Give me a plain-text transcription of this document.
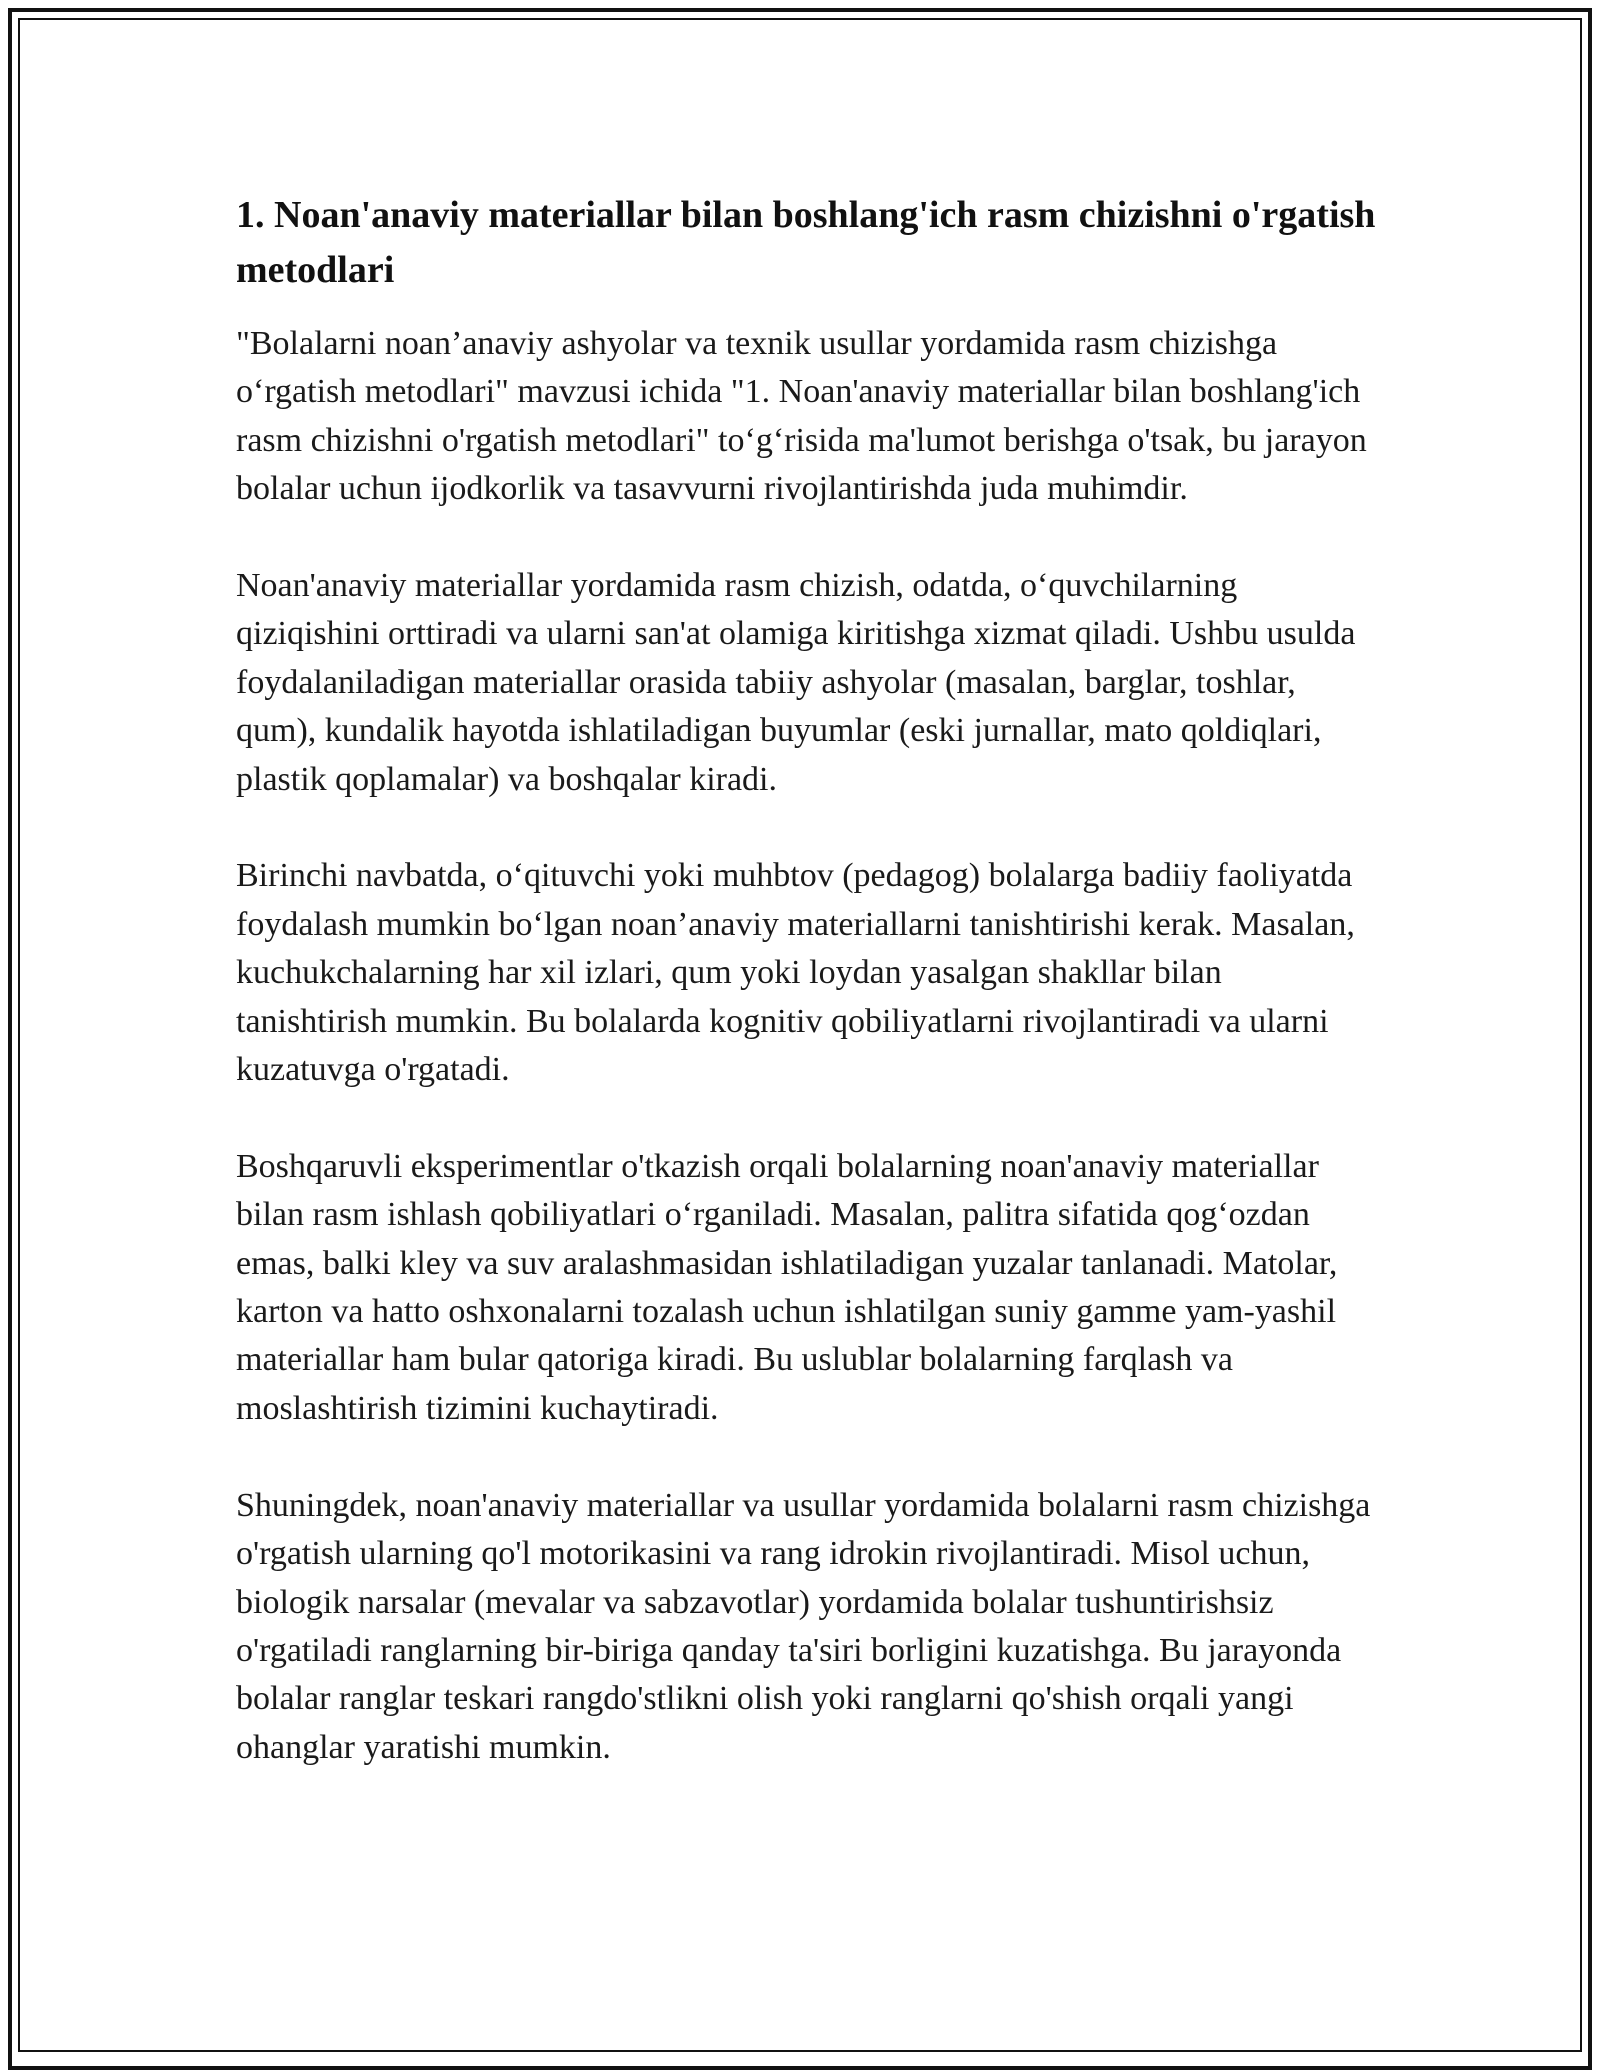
1. Noan'anaviy materiallar bilan boshlang'ich rasm chizishni o'rgatish metodlari

"Bolalarni noan’anaviy ashyolar va texnik usullar yordamida rasm chizishga o‘rgatish metodlari" mavzusi ichida "1. Noan'anaviy materiallar bilan boshlang'ich rasm chizishni o'rgatish metodlari" to‘g‘risida ma'lumot berishga o'tsak, bu jarayon bolalar uchun ijodkorlik va tasavvurni rivojlantirishda juda muhimdir.

Noan'anaviy materiallar yordamida rasm chizish, odatda, o‘quvchilarning qiziqishini orttiradi va ularni san'at olamiga kiritishga xizmat qiladi. Ushbu usulda foydalaniladigan materiallar orasida tabiiy ashyolar (masalan, barglar, toshlar, qum), kundalik hayotda ishlatiladigan buyumlar (eski jurnallar, mato qoldiqlari, plastik qoplamalar) va boshqalar kiradi.

Birinchi navbatda, o‘qituvchi yoki muhbtov (pedagog) bolalarga badiiy faoliyatda foydalash mumkin bo‘lgan noan’anaviy materiallarni tanishtirishi kerak. Masalan, kuchukchalarning har xil izlari, qum yoki loydan yasalgan shakllar bilan tanishtirish mumkin. Bu bolalarda kognitiv qobiliyatlarni rivojlantiradi va ularni kuzatuvga o'rgatadi.

Boshqaruvli eksperimentlar o'tkazish orqali bolalarning noan'anaviy materiallar bilan rasm ishlash qobiliyatlari o‘rganiladi. Masalan, palitra sifatida qog‘ozdan emas, balki kley va suv aralashmasidan ishlatiladigan yuzalar tanlanadi. Matolar, karton va hatto oshxonalarni tozalash uchun ishlatilgan suniy gamme yam-yashil materiallar ham bular qatoriga kiradi. Bu uslublar bolalarning farqlash va moslashtirish tizimini kuchaytiradi.

Shuningdek, noan'anaviy materiallar va usullar yordamida bolalarni rasm chizishga o'rgatish ularning qo'l motorikasini va rang idrokin rivojlantiradi. Misol uchun, biologik narsalar (mevalar va sabzavotlar) yordamida bolalar tushuntirishsiz o'rgatiladi ranglarning bir-biriga qanday ta'siri borligini kuzatishga. Bu jarayonda bolalar ranglar teskari rangdo'stlikni olish yoki ranglarni qo'shish orqali yangi ohanglar yaratishi mumkin.
